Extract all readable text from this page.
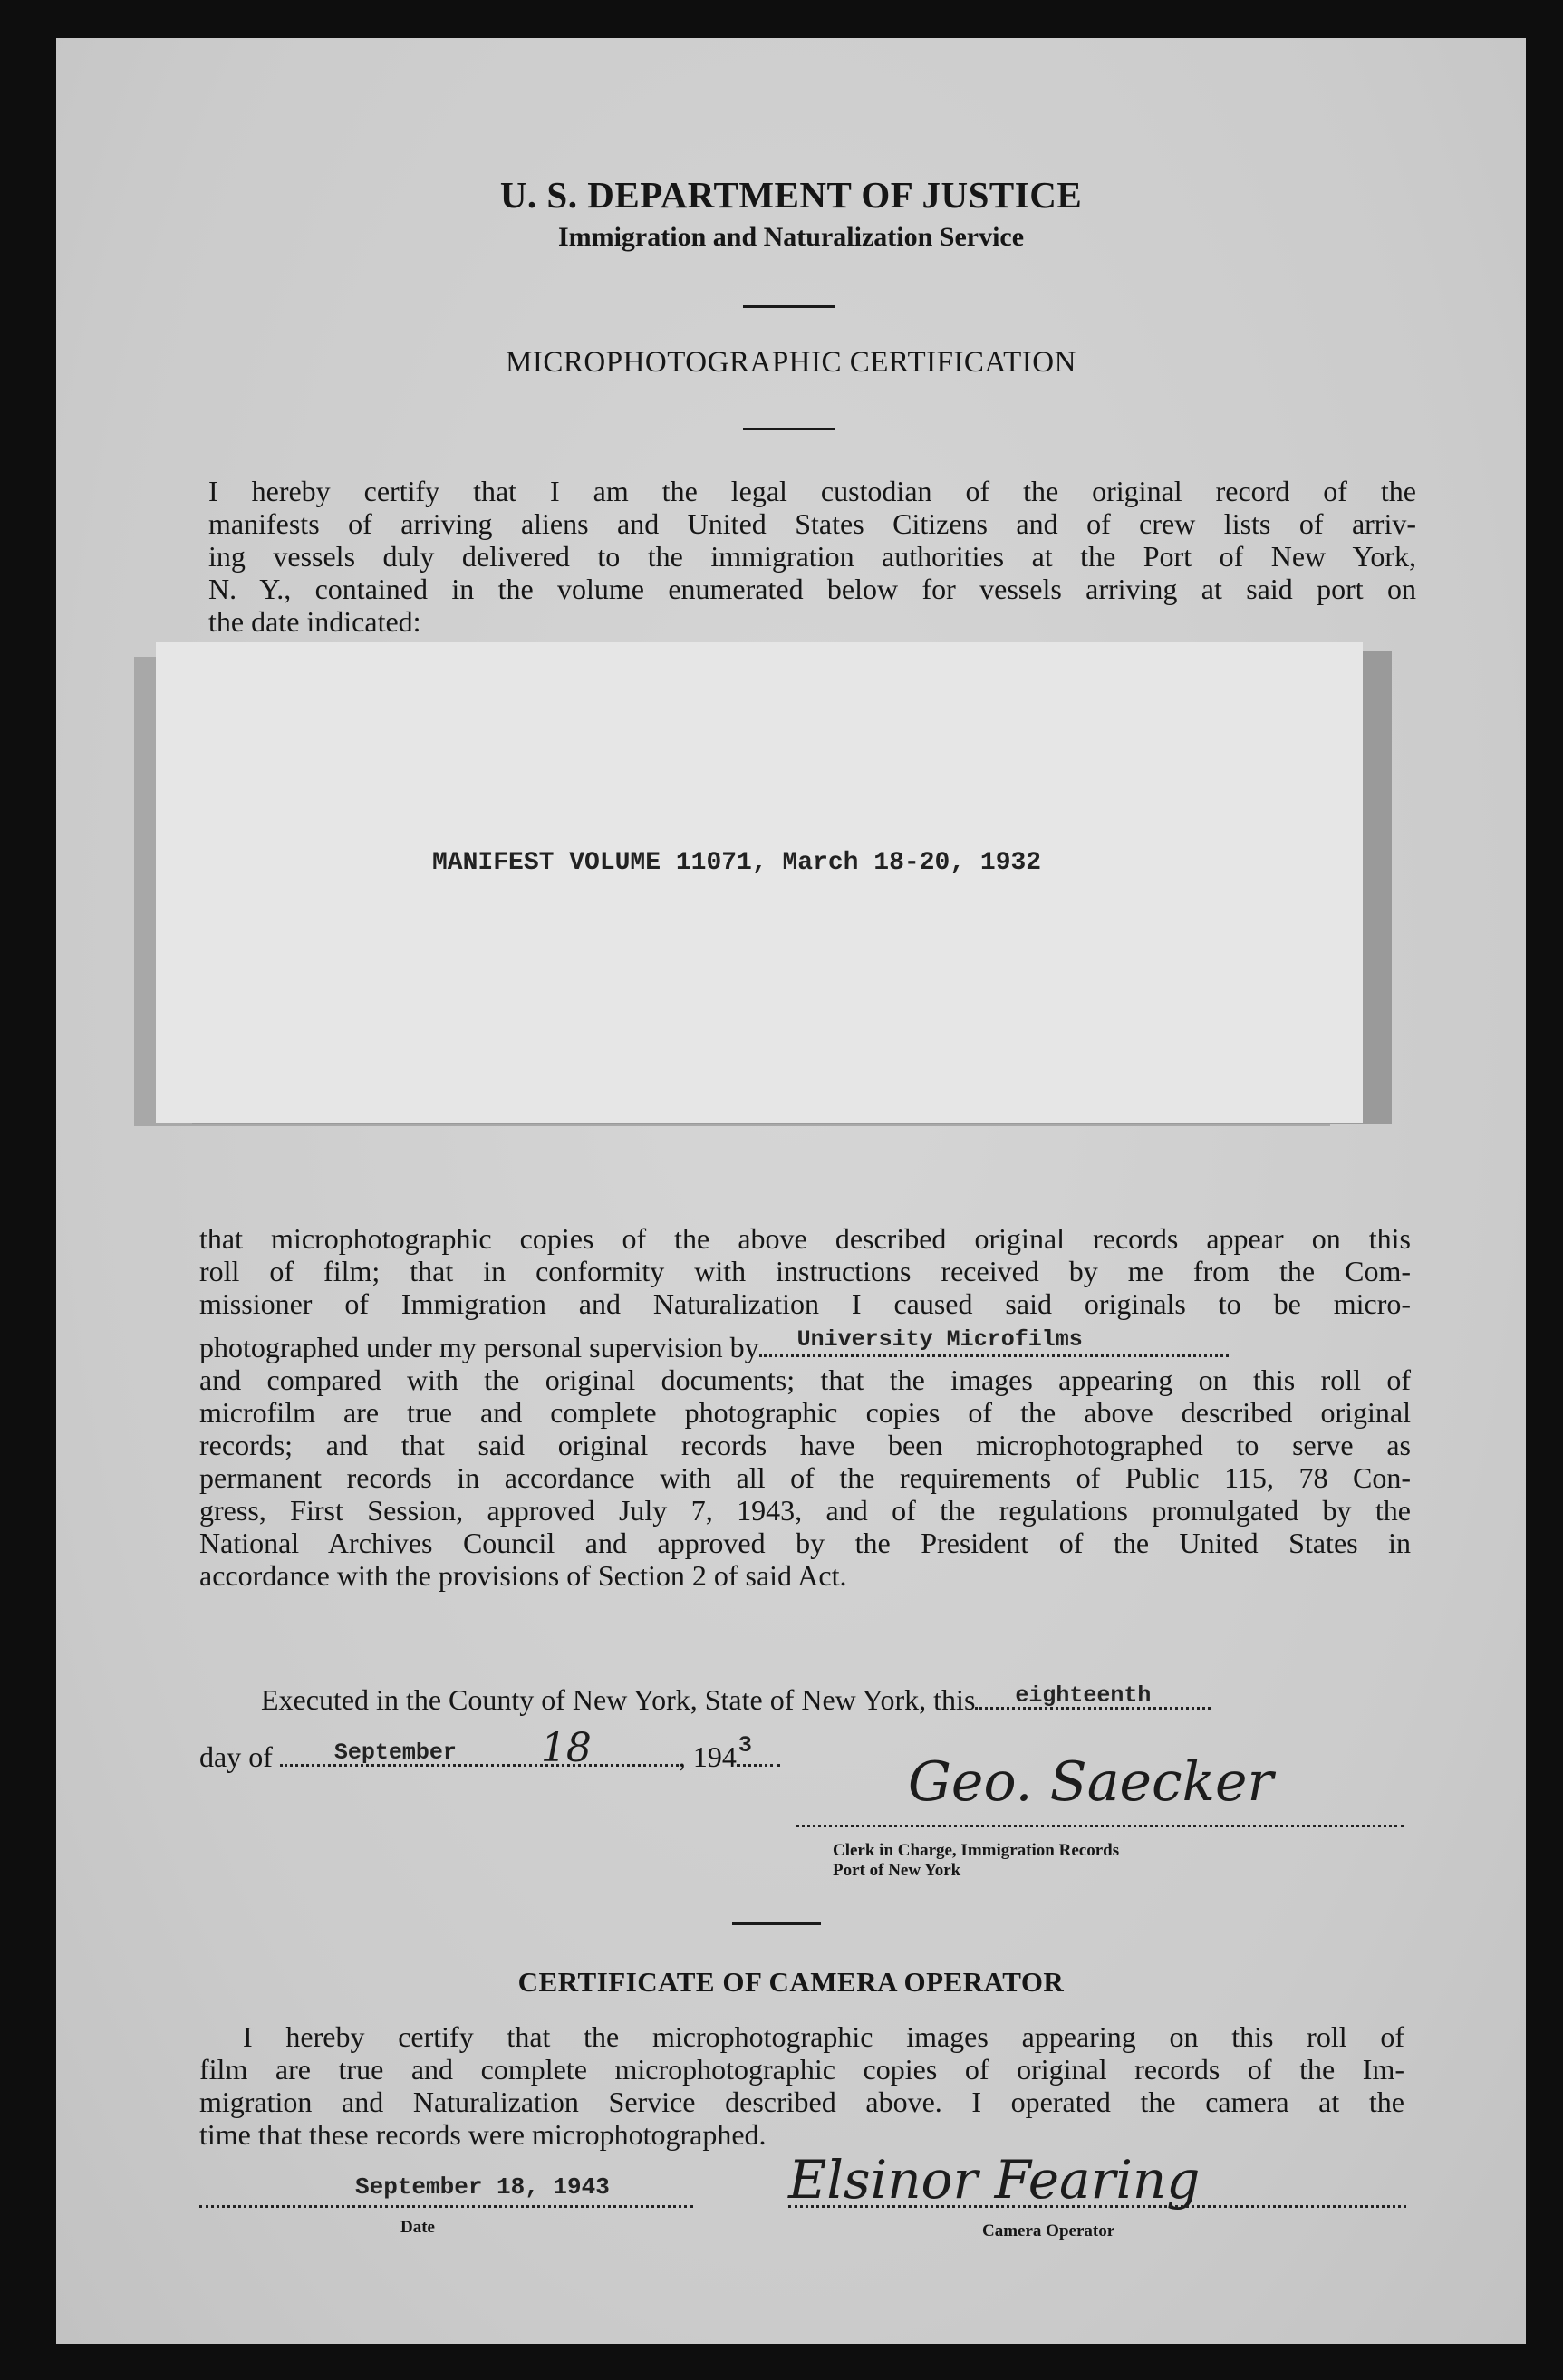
U. S. DEPARTMENT OF JUSTICE
Immigration and Naturalization Service
MICROPHOTOGRAPHIC CERTIFICATION
I hereby certify that I am the legal custodian of the original record of the
manifests of arriving aliens and United States Citizens and of crew lists of arriv-
ing vessels duly delivered to the immigration authorities at the Port of New York,
N. Y., contained in the volume enumerated below for vessels arriving at said port on
the date indicated:
MANIFEST VOLUME 11071, March 18-20, 1932
that microphotographic copies of the above described original records appear on this
roll of film; that in conformity with instructions received by me from the Com-
missioner of Immigration and Naturalization I caused said originals to be micro-
photographed under my personal supervision by University Microfilms
and compared with the original documents; that the images appearing on this roll of
microfilm are true and complete photographic copies of the above described original
records; and that said original records have been microphotographed to serve as
permanent records in accordance with all of the requirements of Public 115, 78 Con-
gress, First Session, approved July 7, 1943, and of the regulations promulgated by the
National Archives Council and approved by the President of the United States in
accordance with the provisions of Section 2 of said Act.
Executed in the County of New York, State of New York, this eighteenth
day of	September 18	, 194 3
Geo. Saecker
Clerk in Charge, Immigration Records
Port of New York
CERTIFICATE OF CAMERA OPERATOR
I hereby certify that the microphotographic images appearing on this roll of
film are true and complete microphotographic copies of original records of the Im-
migration and Naturalization Service described above. I operated the camera at the
time that these records were microphotographed.
September 18, 1943
Date
Elsinor Fearing
Camera Operator
